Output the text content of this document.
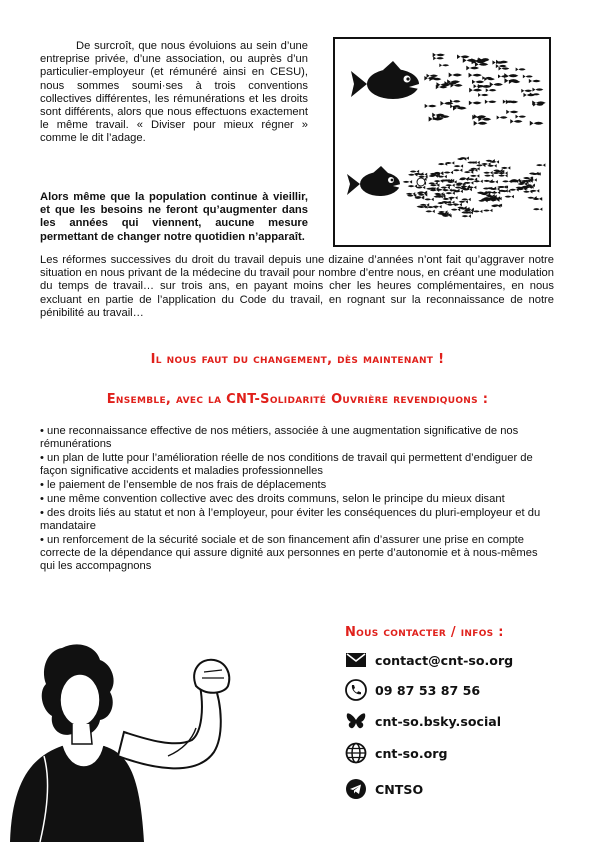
De surcroît, que nous évoluions au sein d’une entreprise privée, d’une association, ou auprès d’un particulier-employeur (et rémunéré ainsi en CESU), nous sommes soumi·ses à trois conventions collectives différentes, les rémunérations et les droits sont différents, alors que nous effectuons exactement le même travail. « Diviser pour mieux régner » comme le dit l’adage.

Alors même que la population continue à vieillir, et que les besoins ne feront qu’augmenter dans les années qui viennent, aucune mesure permettant de changer notre quotidien n’apparaît.

Les réformes successives du droit du travail depuis une dizaine d’années n’ont fait qu’aggraver notre situation en nous privant de la médecine du travail pour nombre d’entre nous, en créant une modulation du temps de travail… sur trois ans, en payant moins cher les heures complémentaires, en nous excluant en partie de l’application du Code du travail, en rognant sur la reconnaissance de notre pénibilité au travail…

Il nous faut du changement, dès maintenant !
Ensemble, avec la CNT-Solidarité Ouvrière revendiquons :
• une reconnaissance effective de nos métiers, associée à une augmentation significative de nos rémunérations
• un plan de lutte pour l’amélioration réelle de nos conditions de travail qui permettent d’endiguer de façon significative accidents et maladies professionnelles
• le paiement de l’ensemble de nos frais de déplacements
• une même convention collective avec des droits communs, selon le principe du mieux disant
• des droits liés au statut et non à l’employeur, pour éviter les conséquences du pluri-employeur et du mandataire
• un renforcement de la sécurité sociale et de son financement afin d’assurer une prise en compte correcte de la dépendance qui assure dignité aux personnes en perte d’autonomie et à nous-mêmes qui les accompagnons
Nous contacter / infos :
contact@cnt-so.org
09 87 53 87 56
cnt-so.bsky.social
cnt-so.org
CNTSO
